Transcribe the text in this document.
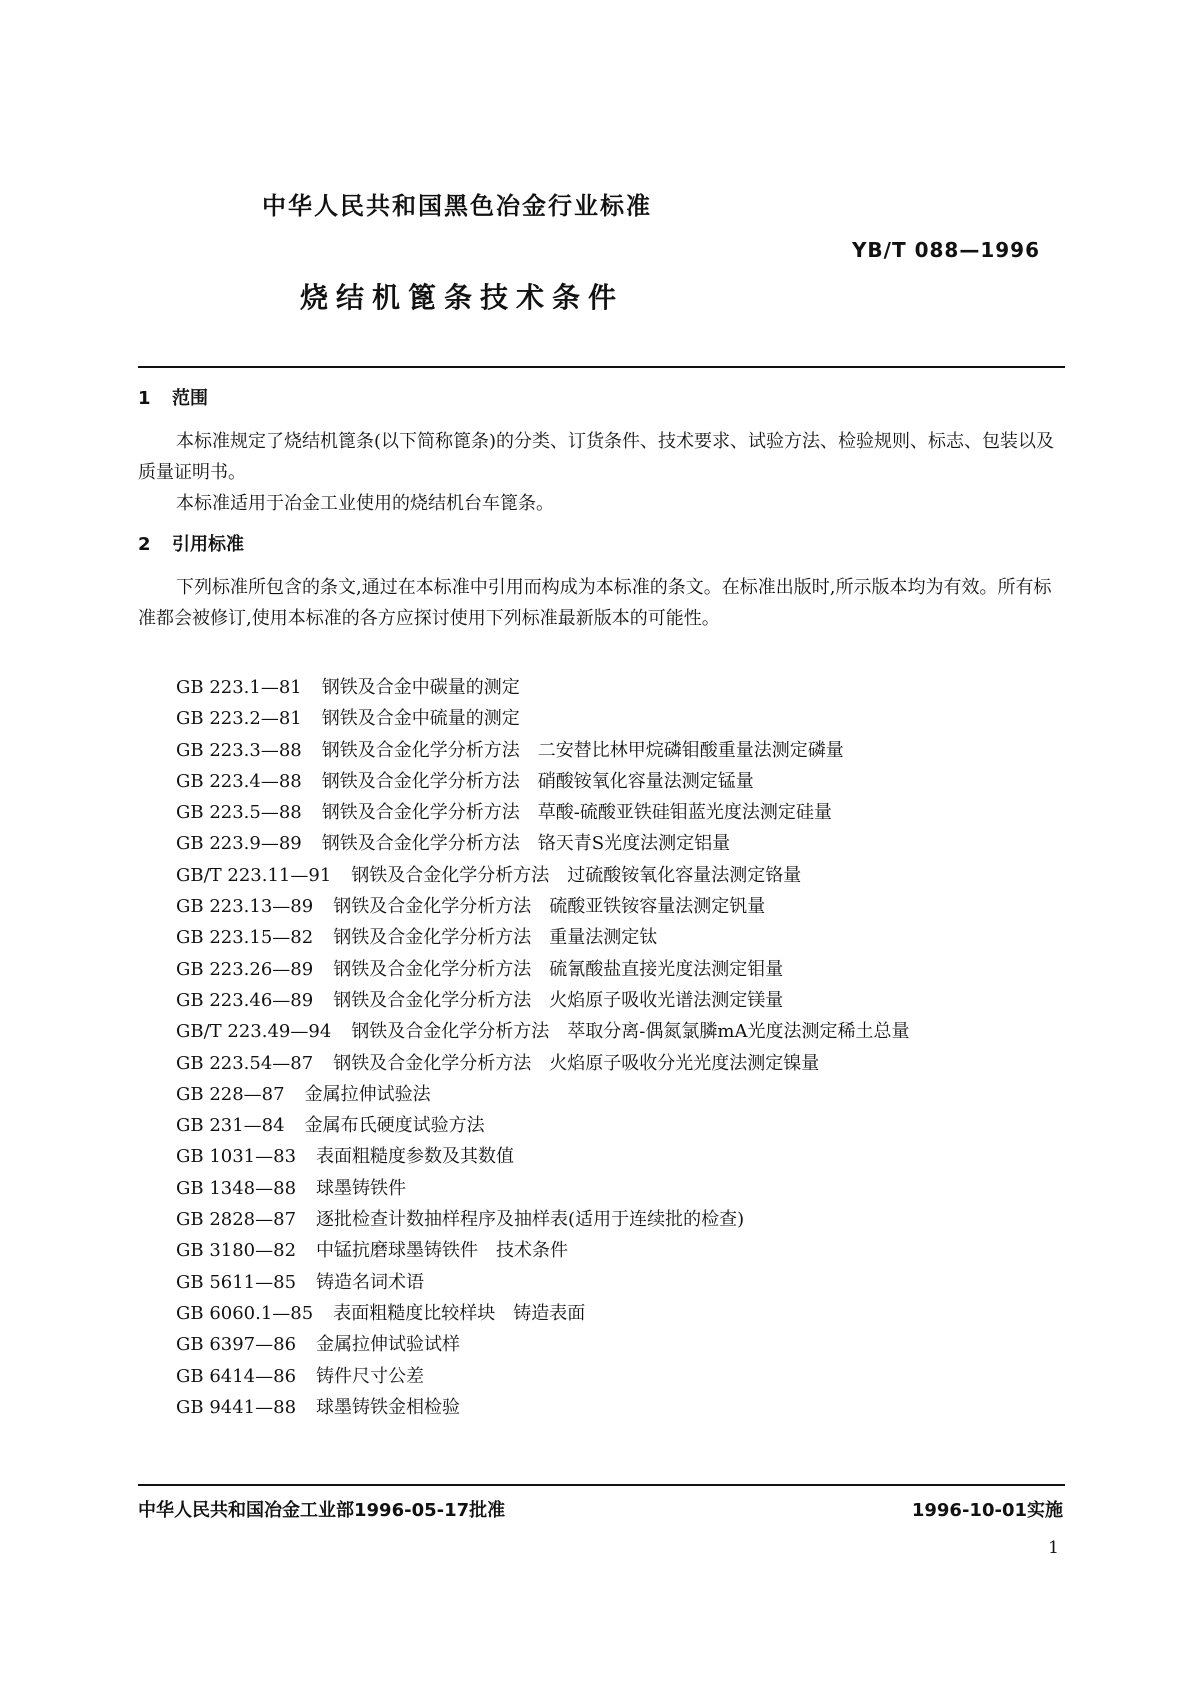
中华人民共和国黑色冶金行业标准
YB/T 088—1996
烧结机篦条技术条件
1 范围
本标准规定了烧结机篦条(以下简称篦条)的分类、订货条件、技术要求、试验方法、检验规则、标志、包装以及质量证明书。
本标准适用于冶金工业使用的烧结机台车篦条。
2 引用标准
下列标准所包含的条文,通过在本标准中引用而构成为本标准的条文。在标准出版时,所示版本均为有效。所有标准都会被修订,使用本标准的各方应探讨使用下列标准最新版本的可能性。
GB 223.1—81 钢铁及合金中碳量的测定
GB 223.2—81 钢铁及合金中硫量的测定
GB 223.3—88 钢铁及合金化学分析方法　二安替比林甲烷磷钼酸重量法测定磷量
GB 223.4—88 钢铁及合金化学分析方法　硝酸铵氧化容量法测定锰量
GB 223.5—88 钢铁及合金化学分析方法　草酸-硫酸亚铁硅钼蓝光度法测定硅量
GB 223.9—89 钢铁及合金化学分析方法　铬天青S光度法测定铝量
GB/T 223.11—91 钢铁及合金化学分析方法　过硫酸铵氧化容量法测定铬量
GB 223.13—89 钢铁及合金化学分析方法　硫酸亚铁铵容量法测定钒量
GB 223.15—82 钢铁及合金化学分析方法　重量法测定钛
GB 223.26—89 钢铁及合金化学分析方法　硫氰酸盐直接光度法测定钼量
GB 223.46—89 钢铁及合金化学分析方法　火焰原子吸收光谱法测定镁量
GB/T 223.49—94 钢铁及合金化学分析方法　萃取分离-偶氮氯膦mA光度法测定稀土总量
GB 223.54—87 钢铁及合金化学分析方法　火焰原子吸收分光光度法测定镍量
GB 228—87 金属拉伸试验法
GB 231—84 金属布氏硬度试验方法
GB 1031—83 表面粗糙度参数及其数值
GB 1348—88 球墨铸铁件
GB 2828—87 逐批检查计数抽样程序及抽样表(适用于连续批的检查)
GB 3180—82 中锰抗磨球墨铸铁件　技术条件
GB 5611—85 铸造名词术语
GB 6060.1—85 表面粗糙度比较样块　铸造表面
GB 6397—86 金属拉伸试验试样
GB 6414—86 铸件尺寸公差
GB 9441—88 球墨铸铁金相检验
中华人民共和国冶金工业部1996-05-17批准	1996-10-01实施
1
